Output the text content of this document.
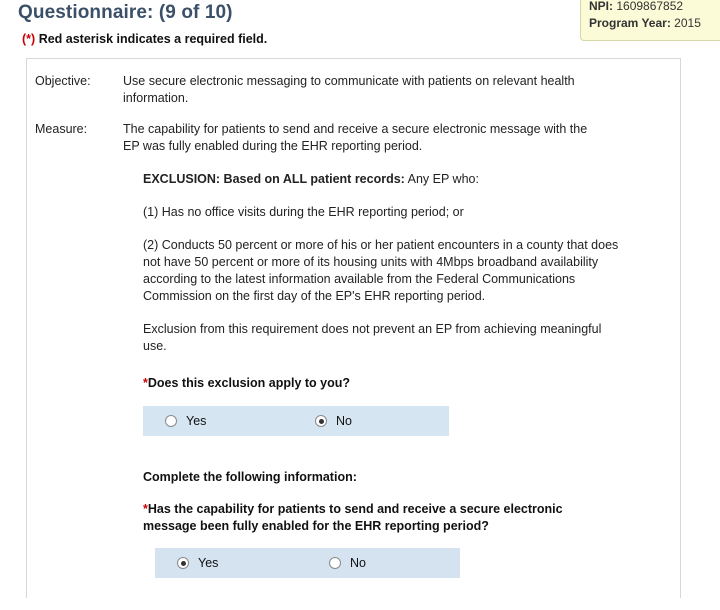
NPI: 1609867852
Program Year: 2015
Questionnaire: (9 of 10)
(*) Red asterisk indicates a required field.
Objective:	Use secure electronic messaging to communicate with patients on relevant health information.
Measure:	The capability for patients to send and receive a secure electronic message with the EP was fully enabled during the EHR reporting period.
EXCLUSION: Based on ALL patient records: Any EP who:
(1) Has no office visits during the EHR reporting period; or
(2) Conducts 50 percent or more of his or her patient encounters in a county that does not have 50 percent or more of its housing units with 4Mbps broadband availability according to the latest information available from the Federal Communications Commission on the first day of the EP's EHR reporting period.
Exclusion from this requirement does not prevent an EP from achieving meaningful use.
*Does this exclusion apply to you?
Yes	No
Complete the following information:
*Has the capability for patients to send and receive a secure electronic message been fully enabled for the EHR reporting period?
Yes	No
